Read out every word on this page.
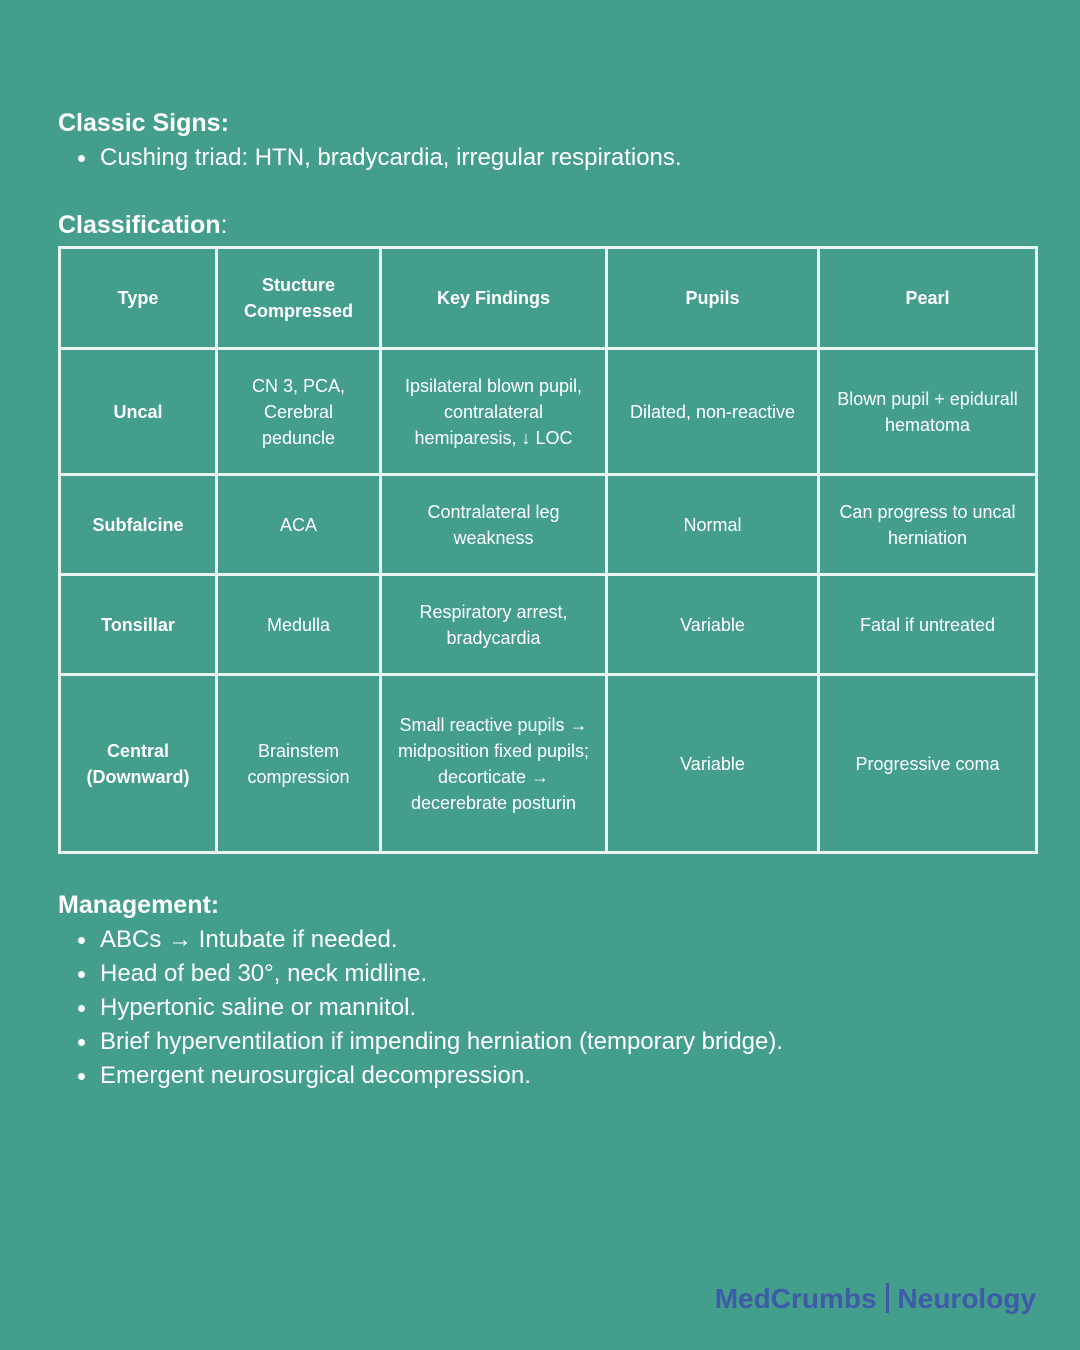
Classic Signs:
Cushing triad: HTN, bradycardia, irregular respirations.
Classification:
Type	Stucture Compressed	Key Findings	Pupils	Pearl
Uncal	CN 3, PCA, Cerebral peduncle	Ipsilateral blown pupil, contralateral hemiparesis, ↓ LOC	Dilated, non-reactive	Blown pupil + epidurall hematoma
Subfalcine	ACA	Contralateral leg weakness	Normal	Can progress to uncal herniation
Tonsillar	Medulla	Respiratory arrest, bradycardia	Variable	Fatal if untreated
Central (Downward)	Brainstem compression	Small reactive pupils → midposition fixed pupils; decorticate → decerebrate posturin	Variable	Progressive coma
Management:
ABCs → Intubate if needed.
Head of bed 30°, neck midline.
Hypertonic saline or mannitol.
Brief hyperventilation if impending herniation (temporary bridge).
Emergent neurosurgical decompression.
MedCrumbs Neurology
